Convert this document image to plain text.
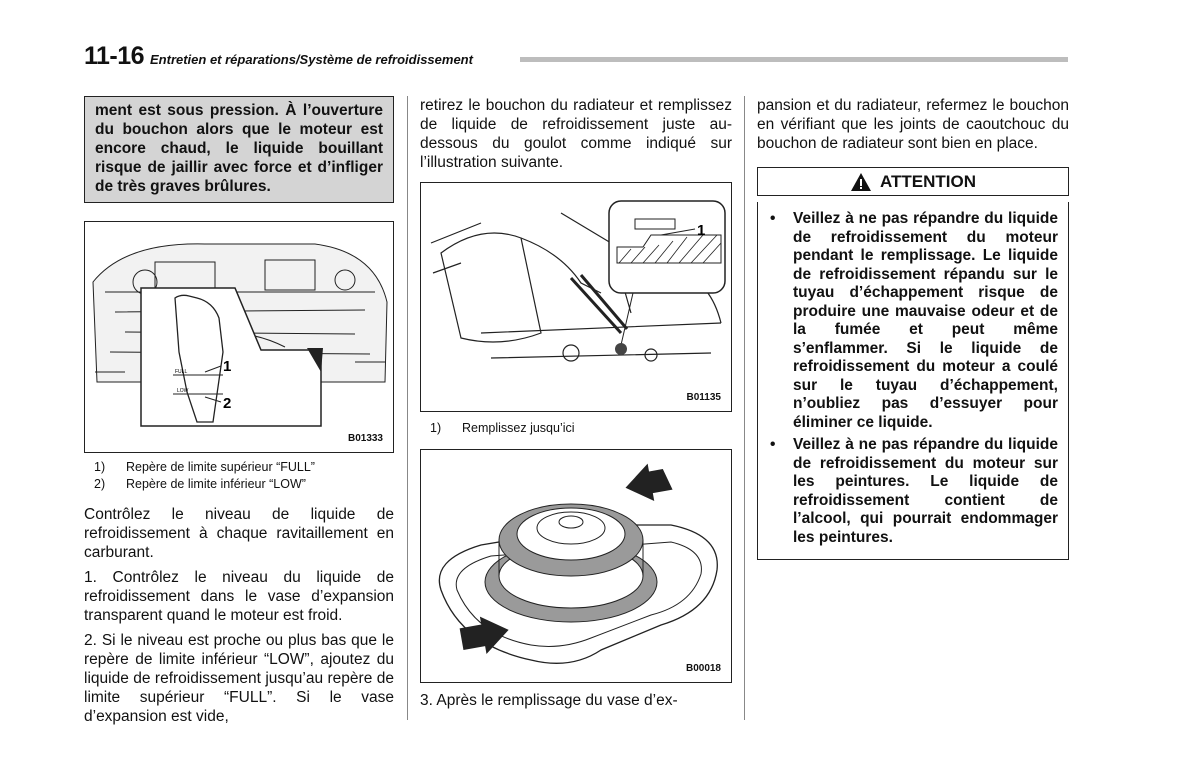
11-16 Entretien et réparations/Système de refroidissement
ment est sous pression. À l’ouverture du bouchon alors que le moteur est encore chaud, le liquide bouillant risque de jaillir avec force et d’infliger de très graves brûlures.
FULL
LOW
1
2
B01333
1)	Repère de limite supérieur “FULL”
2)	Repère de limite inférieur “LOW”

Contrôlez le niveau de liquide de refroidissement à chaque ravitaillement en carburant.

1. Contrôlez le niveau du liquide de refroidissement dans le vase d’expansion transparent quand le moteur est froid.

2. Si le niveau est proche ou plus bas que le repère de limite inférieur “LOW”, ajoutez du liquide de refroidissement jusqu’au repère de limite supérieur “FULL”. Si le vase d’expansion est vide,

retirez le bouchon du radiateur et remplissez de liquide de refroidissement juste au-dessous du goulot comme indiqué sur l’illustration suivante.

1
B01135
1)	Remplissez jusqu’ici
B00018

3. Après le remplissage du vase d’ex-

pansion et du radiateur, refermez le bouchon en vérifiant que les joints de caoutchouc du bouchon de radiateur sont bien en place.

ATTENTION
• Veillez à ne pas répandre du liquide de refroidissement du moteur pendant le remplissage. Le liquide de refroidissement répandu sur le tuyau d’échappement risque de produire une mauvaise odeur et de la fumée et peut même s’enflammer. Si le liquide de refroidissement du moteur a coulé sur le tuyau d’échappement, n’oubliez pas d’essuyer pour éliminer ce liquide.
• Veillez à ne pas répandre du liquide de refroidissement du moteur sur les peintures. Le liquide de refroidissement contient de l’alcool, qui pourrait endommager les peintures.
